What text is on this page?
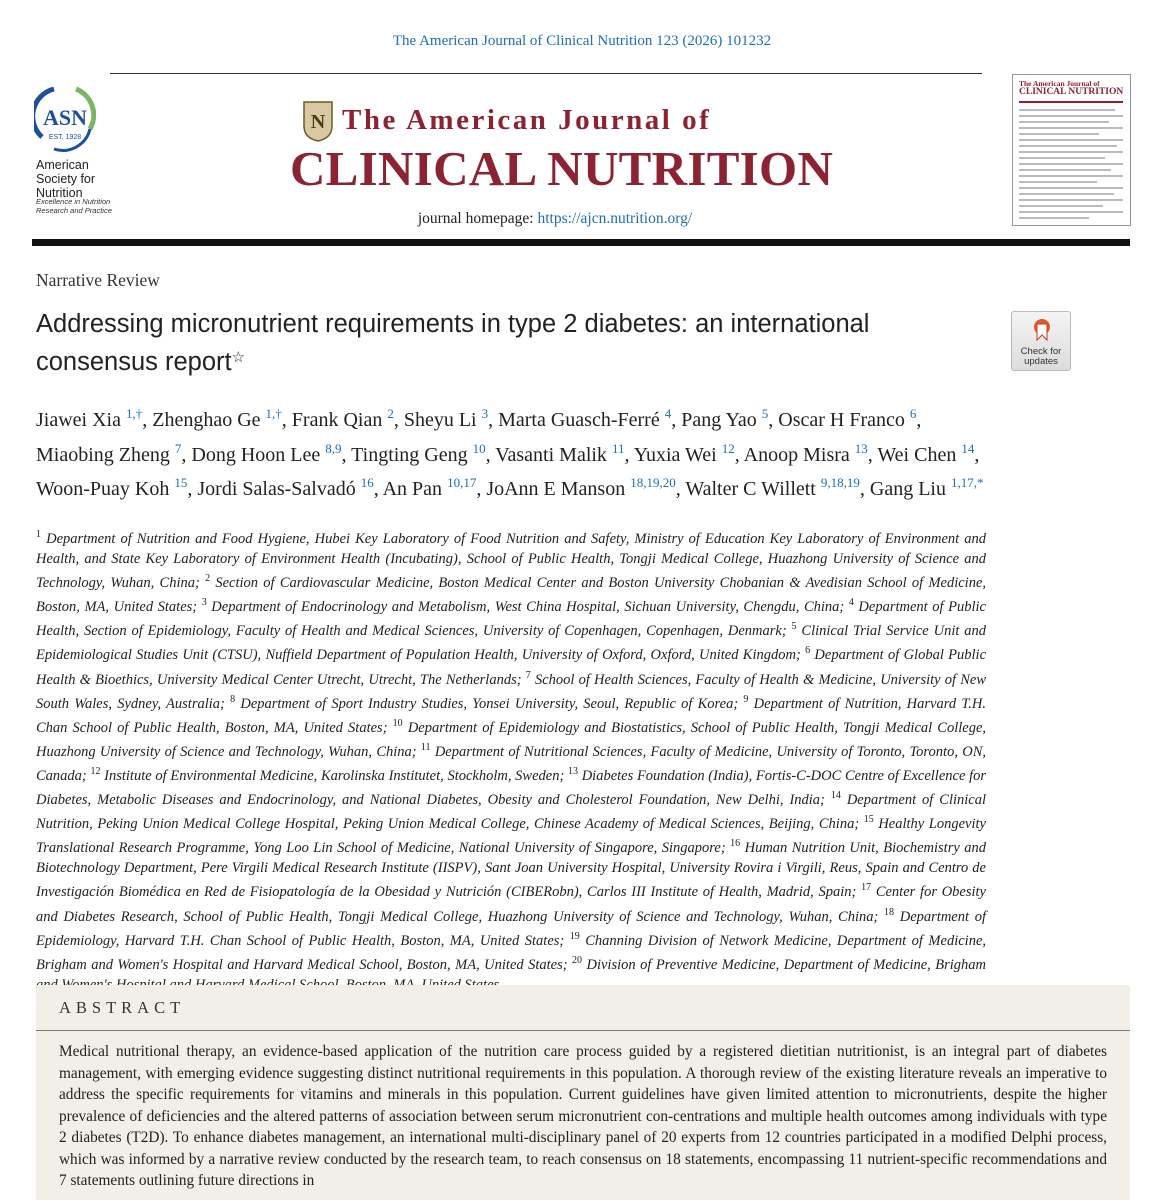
The American Journal of Clinical Nutrition 123 (2026) 101232
ASN
EST. 1928
American Society for Nutrition
Excellence in Nutrition Research and Practice
N The American Journal of
CLINICAL NUTRITION
journal homepage: https://ajcn.nutrition.org/
The American Journal of
CLINICAL NUTRITION
Narrative Review
Addressing micronutrient requirements in type 2 diabetes: an international consensus report☆	Check for updates
Jiawei Xia $^{1,\dagger}$, Zhenghao Ge $^{1,\dagger}$, Frank Qian $^2$, Sheyu Li $^3$, Marta Guasch-Ferré $^4$, Pang Yao $^5$, Oscar H Franco $^6$, Miaobing Zheng $^7$, Dong Hoon Lee $^{8,9}$, Tingting Geng $^{10}$, Vasanti Malik $^{11}$, Yuxia Wei $^{12}$, Anoop Misra $^{13}$, Wei Chen $^{14}$, Woon-Puay Koh $^{15}$, Jordi Salas-Salvadó $^{16}$, An Pan $^{10,17}$, JoAnn E Manson $^{18,19,20}$, Walter C Willett $^{9,18,19}$, Gang Liu $^{1,17,*}$
$^1$ Department of Nutrition and Food Hygiene, Hubei Key Laboratory of Food Nutrition and Safety, Ministry of Education Key Laboratory of Environment and Health, and State Key Laboratory of Environment Health (Incubating), School of Public Health, Tongji Medical College, Huazhong University of Science and Technology, Wuhan, China; $^2$ Section of Cardiovascular Medicine, Boston Medical Center and Boston University Chobanian & Avedisian School of Medicine, Boston, MA, United States; $^3$ Department of Endocrinology and Metabolism, West China Hospital, Sichuan University, Chengdu, China; $^4$ Department of Public Health, Section of Epidemiology, Faculty of Health and Medical Sciences, University of Copenhagen, Copenhagen, Denmark; $^5$ Clinical Trial Service Unit and Epidemiological Studies Unit (CTSU), Nuffield Department of Population Health, University of Oxford, Oxford, United Kingdom; $^6$ Department of Global Public Health & Bioethics, University Medical Center Utrecht, Utrecht, The Netherlands; $^7$ School of Health Sciences, Faculty of Health & Medicine, University of New South Wales, Sydney, Australia; $^8$ Department of Sport Industry Studies, Yonsei University, Seoul, Republic of Korea; $^9$ Department of Nutrition, Harvard T.H. Chan School of Public Health, Boston, MA, United States; $^{10}$ Department of Epidemiology and Biostatistics, School of Public Health, Tongji Medical College, Huazhong University of Science and Technology, Wuhan, China; $^{11}$ Department of Nutritional Sciences, Faculty of Medicine, University of Toronto, Toronto, ON, Canada; $^{12}$ Institute of Environmental Medicine, Karolinska Institutet, Stockholm, Sweden; $^{13}$ Diabetes Foundation (India), Fortis-C-DOC Centre of Excellence for Diabetes, Metabolic Diseases and Endocrinology, and National Diabetes, Obesity and Cholesterol Foundation, New Delhi, India; $^{14}$ Department of Clinical Nutrition, Peking Union Medical College Hospital, Peking Union Medical College, Chinese Academy of Medical Sciences, Beijing, China; $^{15}$ Healthy Longevity Translational Research Programme, Yong Loo Lin School of Medicine, National University of Singapore, Singapore; $^{16}$ Human Nutrition Unit, Biochemistry and Biotechnology Department, Pere Virgili Medical Research Institute (IISPV), Sant Joan University Hospital, University Rovira i Virgili, Reus, Spain and Centro de Investigación Biomédica en Red de Fisiopatología de la Obesidad y Nutrición (CIBERobn), Carlos III Institute of Health, Madrid, Spain; $^{17}$ Center for Obesity and Diabetes Research, School of Public Health, Tongji Medical College, Huazhong University of Science and Technology, Wuhan, China; $^{18}$ Department of Epidemiology, Harvard T.H. Chan School of Public Health, Boston, MA, United States; $^{19}$ Channing Division of Network Medicine, Department of Medicine, Brigham and Women's Hospital and Harvard Medical School, Boston, MA, United States; $^{20}$ Division of Preventive Medicine, Department of Medicine, Brigham
ABSTRACT
Medical nutritional therapy, an evidence-based application of the nutrition care process guided by a registered dietitian nutritionist, is an integral part of diabetes management, with emerging evidence suggesting distinct nutritional requirements in this population. A thorough review of the existing literature reveals an imperative to address the specific requirements for vitamins and minerals in this population. Current guidelines have given limited attention to micronutrients, despite the higher prevalence of deficiencies and the altered patterns of association between serum micronutrient con-centrations and multiple health outcomes among individuals with type 2 diabetes (T2D). To enhance diabetes management, an international multi-disciplinary panel of 20 experts from 12 countries participated in a modified Delphi process, which was informed by a narrative review conducted by the research team, to reach consensus on 18 statements, encompassing 11 nutrient-specific recommendations and 7 statements outlining future directions in
